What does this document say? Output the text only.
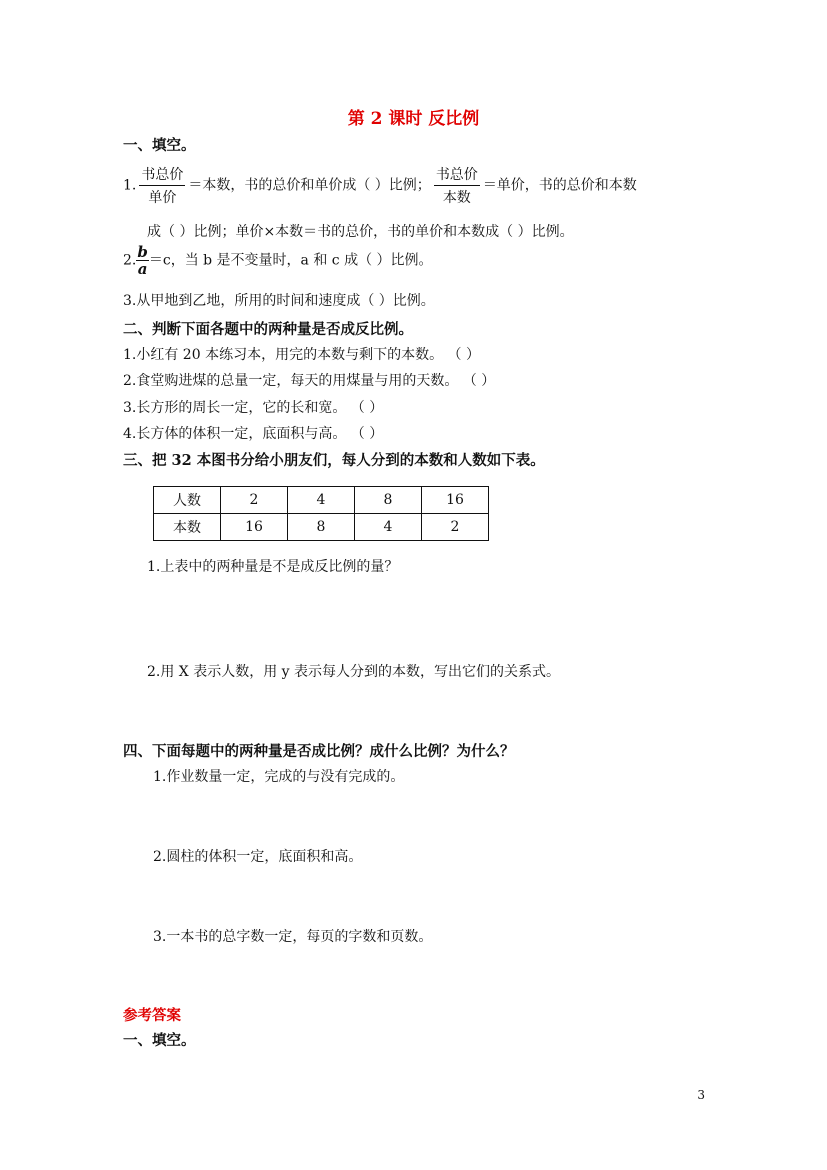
第 2 课时 反比例
一、填空。
1. $\frac{\text{书总价}}{\text{单价}}$ ＝本数，书的总价和单价成（ ）比例； $\frac{\text{书总价}}{\text{本数}}$ ＝单价，书的总价和本数
成（ ）比例；单价×本数＝书的总价，书的单价和本数成（ ）比例。
2. $\frac{b}{a} =c$，当 b 是不变量时，a 和 c 成（ ）比例。
3.从甲地到乙地，所用的时间和速度成（ ）比例。
二、判断下面各题中的两种量是否成反比例。
1.小红有 20 本练习本，用完的本数与剩下的本数。 （ ）
2.食堂购进煤的总量一定，每天的用煤量与用的天数。 （ ）
3.长方形的周长一定，它的长和宽。 （ ）
4.长方体的体积一定，底面积与高。 （ ）
三、把 32 本图书分给小朋友们，每人分到的本数和人数如下表。
人数	2	4	8	16
本数	16	8	4	2
1.上表中的两种量是不是成反比例的量？
2.用 X 表示人数，用 y 表示每人分到的本数，写出它们的关系式。
四、下面每题中的两种量是否成比例？成什么比例？为什么？
1.作业数量一定，完成的与没有完成的。
2.圆柱的体积一定，底面积和高。
3.一本书的总字数一定，每页的字数和页数。
参考答案
一、填空。
3
